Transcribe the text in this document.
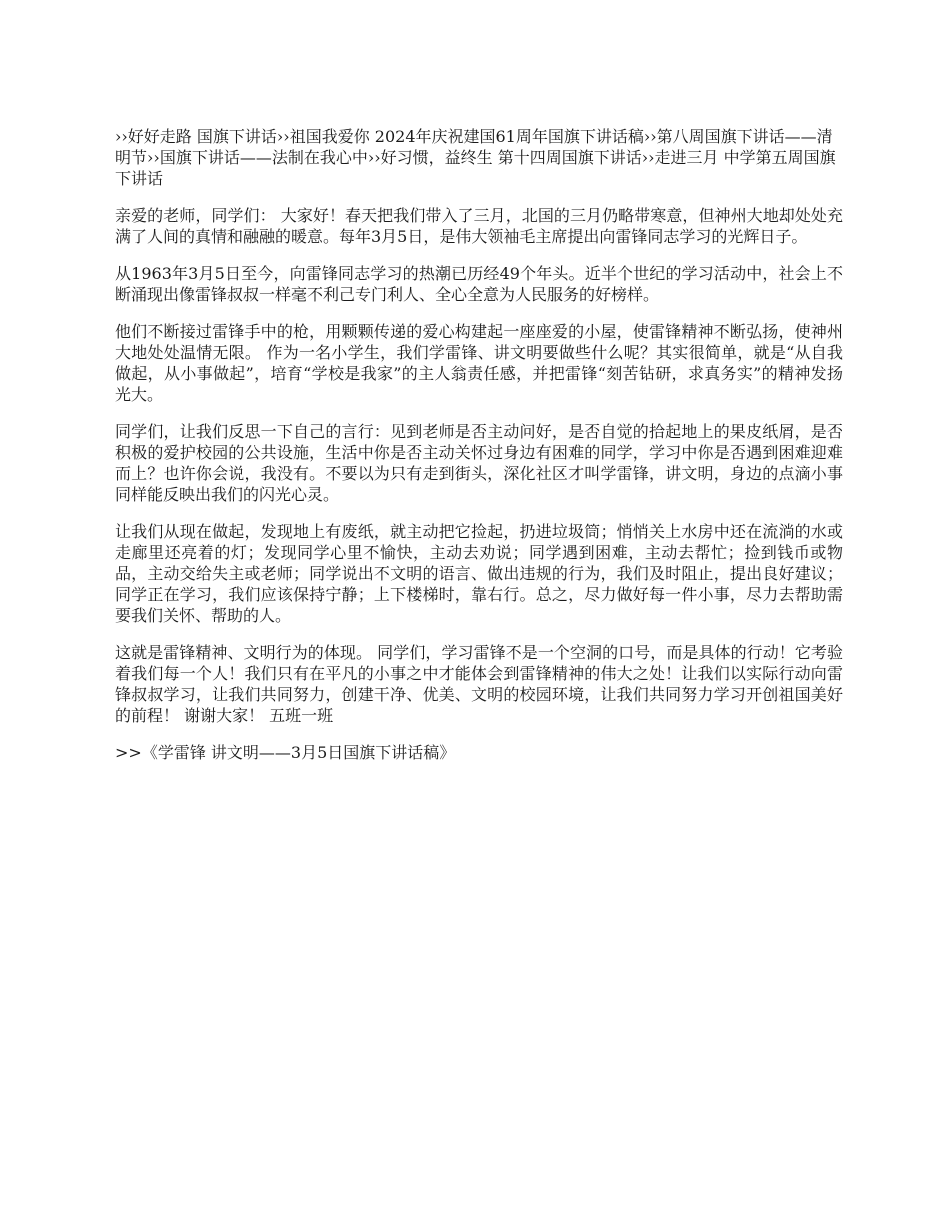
››好好走路 国旗下讲话››祖国我爱你 2024年庆祝建国61周年国旗下讲话稿››第八周国旗下讲话——清明节››国旗下讲话——法制在我心中››好习惯，益终生 第十四周国旗下讲话››走进三月 中学第五周国旗下讲话

亲爱的老师，同学们： 大家好！春天把我们带入了三月，北国的三月仍略带寒意，但神州大地却处处充满了人间的真情和融融的暖意。每年3月5日，是伟大领袖毛主席提出向雷锋同志学习的光辉日子。

从1963年3月5日至今，向雷锋同志学习的热潮已历经49个年头。近半个世纪的学习活动中，社会上不断涌现出像雷锋叔叔一样毫不利己专门利人、全心全意为人民服务的好榜样。

他们不断接过雷锋手中的枪，用颗颗传递的爱心构建起一座座爱的小屋，使雷锋精神不断弘扬，使神州大地处处温情无限。 作为一名小学生，我们学雷锋、讲文明要做些什么呢？其实很简单，就是“从自我做起，从小事做起”，培育“学校是我家”的主人翁责任感，并把雷锋“刻苦钻研，求真务实”的精神发扬光大。

同学们，让我们反思一下自己的言行：见到老师是否主动问好，是否自觉的拾起地上的果皮纸屑，是否积极的爱护校园的公共设施，生活中你是否主动关怀过身边有困难的同学，学习中你是否遇到困难迎难而上？也许你会说，我没有。不要以为只有走到街头，深化社区才叫学雷锋，讲文明，身边的点滴小事同样能反映出我们的闪光心灵。

让我们从现在做起，发现地上有废纸，就主动把它捡起，扔进垃圾筒；悄悄关上水房中还在流淌的水或走廊里还亮着的灯；发现同学心里不愉快，主动去劝说；同学遇到困难，主动去帮忙；捡到钱币或物品，主动交给失主或老师；同学说出不文明的语言、做出违规的行为，我们及时阻止，提出良好建议；同学正在学习，我们应该保持宁静；上下楼梯时，靠右行。总之，尽力做好每一件小事，尽力去帮助需要我们关怀、帮助的人。

这就是雷锋精神、文明行为的体现。 同学们，学习雷锋不是一个空洞的口号，而是具体的行动！它考验着我们每一个人！我们只有在平凡的小事之中才能体会到雷锋精神的伟大之处！让我们以实际行动向雷锋叔叔学习，让我们共同努力，创建干净、优美、文明的校园环境，让我们共同努力学习开创祖国美好的前程！ 谢谢大家！ 五班一班

>>《学雷锋 讲文明——3月5日国旗下讲话稿》
